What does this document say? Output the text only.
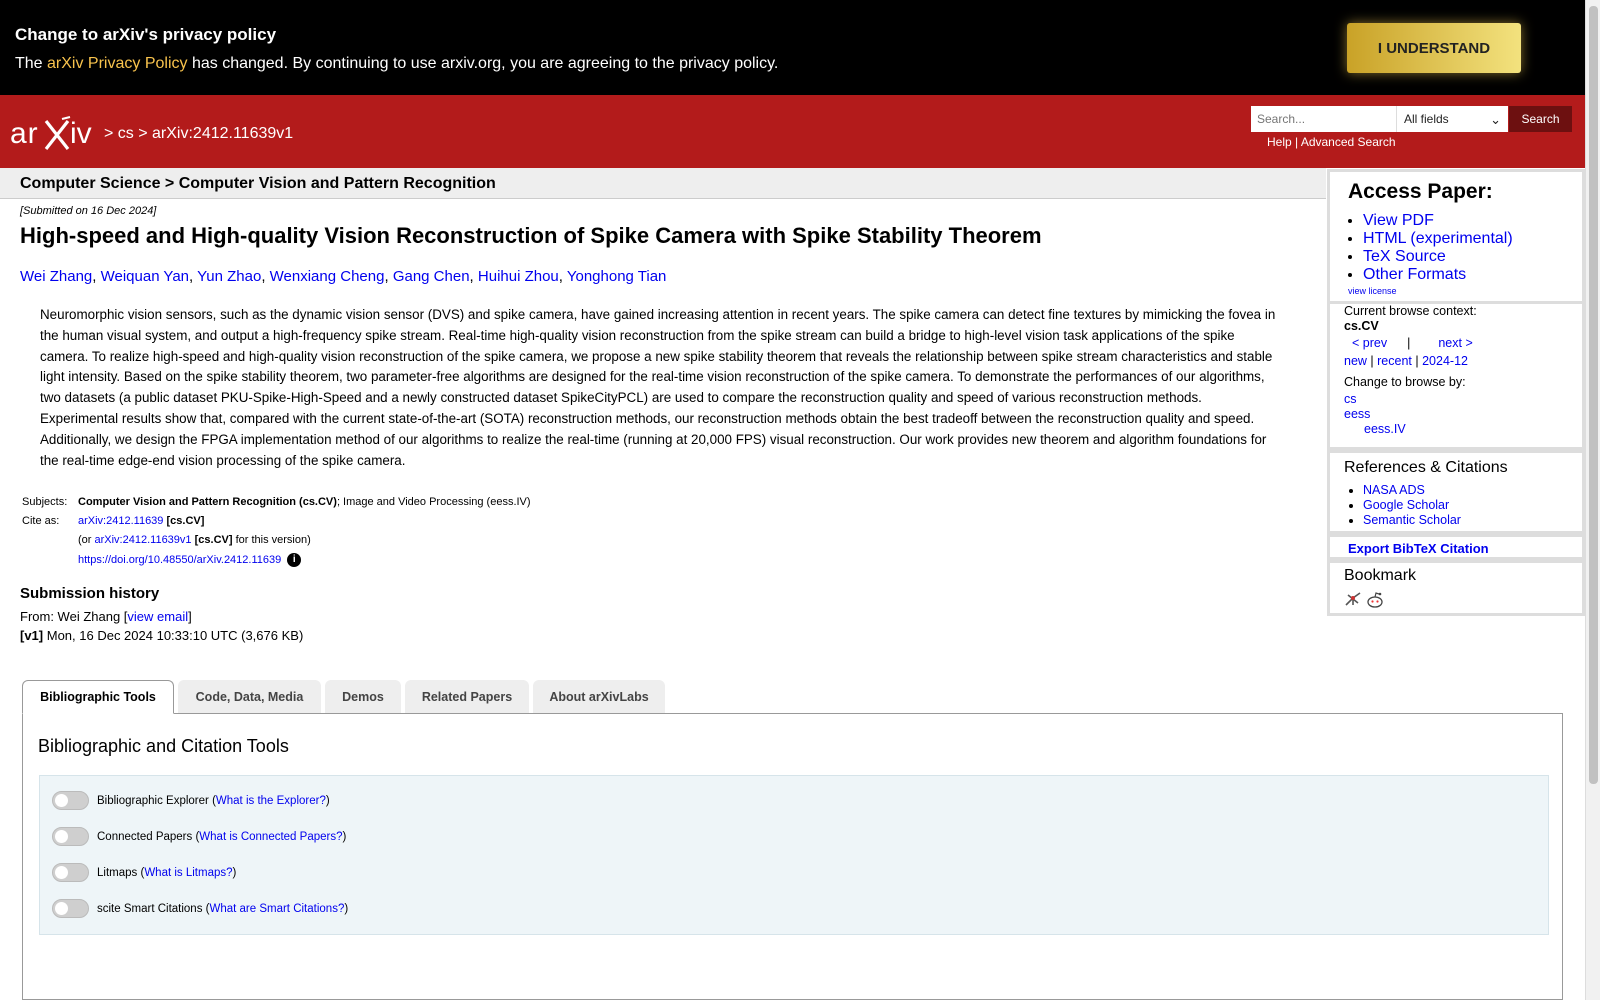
Change to arXiv's privacy policy
The arXiv Privacy Policy has changed. By continuing to use arxiv.org, you are agreeing to the privacy policy.
I UNDERSTAND
ar iv > cs > arXiv:2412.11639v1
Search...
All fields	⌄	Search
Help | Advanced Search
Computer Science > Computer Vision and Pattern Recognition
[Submitted on 16 Dec 2024]
High-speed and High-quality Vision Reconstruction of Spike Camera with Spike Stability Theorem
Wei Zhang, Weiquan Yan, Yun Zhao, Wenxiang Cheng, Gang Chen, Huihui Zhou, Yonghong Tian

Neuromorphic vision sensors, such as the dynamic vision sensor (DVS) and spike camera, have gained increasing attention in recent years. The spike camera can detect fine textures by mimicking the fovea in the human visual system, and output a high-frequency spike stream. Real-time high-quality vision reconstruction from the spike stream can build a bridge to high-level vision task applications of the spike camera. To realize high-speed and high-quality vision reconstruction of the spike camera, we propose a new spike stability theorem that reveals the relationship between spike stream characteristics and stable light intensity. Based on the spike stability theorem, two parameter-free algorithms are designed for the real-time vision reconstruction of the spike camera. To demonstrate the performances of our algorithms, two datasets (a public dataset PKU-Spike-High-Speed and a newly constructed dataset SpikeCityPCL) are used to compare the reconstruction quality and speed of various reconstruction methods. Experimental results show that, compared with the current state-of-the-art (SOTA) reconstruction methods, our reconstruction methods obtain the best tradeoff between the reconstruction quality and speed. Additionally, we design the FPGA implementation method of our algorithms to realize the real-time (running at 20,000 FPS) visual reconstruction. Our work provides new theorem and algorithm foundations for the real-time edge-end vision processing of the spike camera.

Subjects: Computer Vision and Pattern Recognition (cs.CV); Image and Video Processing (eess.IV)
Cite as: arXiv:2412.11639 [cs.CV]
(or arXiv:2412.11639v1 [cs.CV] for this version)
https://doi.org/10.48550/arXiv.2412.11639 i
Submission history
From: Wei Zhang [view email]
[v1] Mon, 16 Dec 2024 10:33:10 UTC (3,676 KB)
Access Paper:
• View PDF
• HTML (experimental)
• TeX Source
• Other Formats
view license
Current browse context:
cs.CV
< prev | next >
new | recent | 2024-12
Change to browse by:
cs
eess
eess.IV
References & Citations
• NASA ADS
• Google Scholar
• Semantic Scholar
Export BibTeX Citation
Bookmark
Bibliographic Tools	Code, Data, Media	Demos	Related Papers	About arXivLabs
Bibliographic and Citation Tools
Bibliographic Explorer ( What is the Explorer? )
Connected Papers ( What is Connected Papers? )
Litmaps ( What is Litmaps? )
scite Smart Citations ( What are Smart Citations? )
